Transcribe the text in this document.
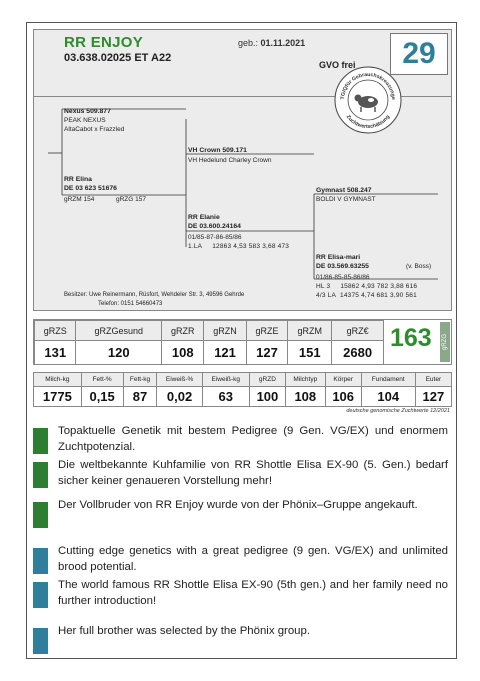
RR ENJOY
03.638.02025 ET A22
geb.: 01.11.2021
GVO frei	29
Nexus 509.877
PEAK NEXUS
AltaCabot x Frazzled
RR Elina
DE 03 623 51676
gRZM 154	gRZG 157
VH Crown 509.171
VH Hedelund Charley Crown
RR Elanie
DE 03.600.24164
01/85-87-86-85/86
1.LA 12863 4,53 583 3,68 473
Gymnast 508.247
BOLDI V GYMNAST
RR Elisa-mari
DE 03.569.63255	(v. Boss)
01/86-85-85-86/86
HL 3 15862 4,93 782 3,88 616
4/3 LA 14375 4,74 681 3,90 561
Besitzer: Uwe Reinermann, Rüsfort, Wehdeler Str. 3, 49596 Gehrde
Telefon: 0151 54660473
TG/Qfür Gebrauchskreuzunge
Zuchtwertschätzung
gRZS	gRZGesund	gRZR	gRZN	gRZE	gRZM	gRZ€
131	120	108	121	127	151	2680
163	gRZG
Milch-kg	Fett-%	Fett-kg	Eiweiß-%	Eiweiß-kg	gRZD	Milchtyp	Körper	Fundament	Euter
1775	0,15	87	0,02	63	100	108	106	104	127
deutsche genomische Zuchtwerte 12/2021
Topaktuelle Genetik mit bestem Pedigree (9 Gen. VG/EX) und enormem Zuchtpotenzial.
Die weltbekannte Kuhfamilie von RR Shottle Elisa EX-90 (5. Gen.) bedarf sicher keiner genaueren Vorstellung mehr!
Der Vollbruder von RR Enjoy wurde von der Phönix–Gruppe angekauft.
Cutting edge genetics with a great pedigree (9 gen. VG/EX) and unlimited brood potential.
The world famous RR Shottle Elisa EX-90 (5th gen.) and her family need no further introduction!
Her full brother was selected by the Phönix group.
